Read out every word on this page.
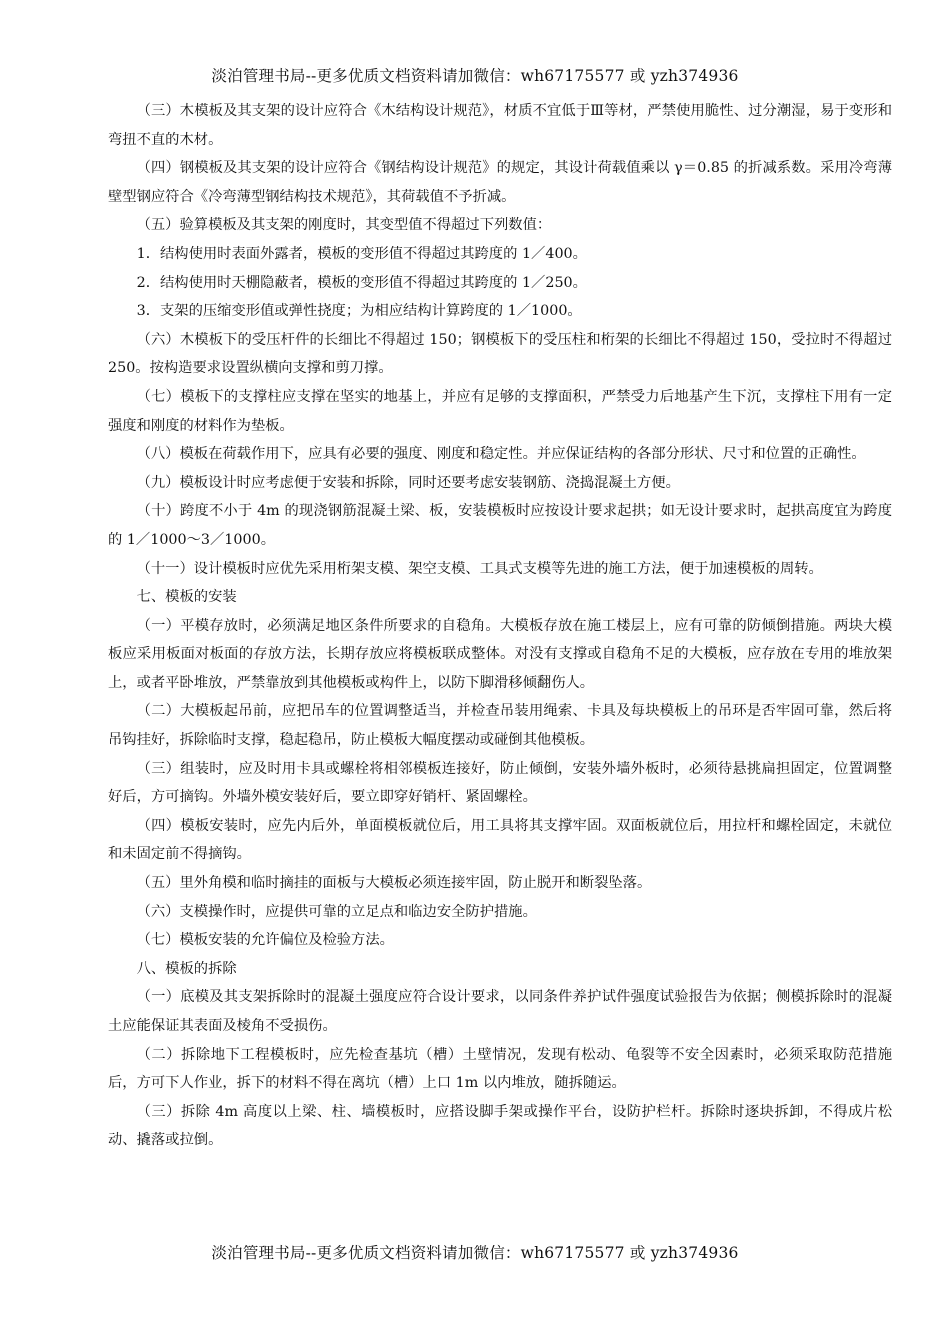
淡泊管理书局--更多优质文档资料请加微信：wh67175577 或 yzh374936

（三）木模板及其支架的设计应符合《木结构设计规范》，材质不宜低于Ⅲ等材，严禁使用脆性、过分潮湿，易于变形和弯扭不直的木材。

（四）钢模板及其支架的设计应符合《钢结构设计规范》的规定，其设计荷载值乘以 γ＝0.85 的折减系数。采用冷弯薄壁型钢应符合《冷弯薄型钢结构技术规范》，其荷载值不予折减。

（五）验算模板及其支架的刚度时，其变型值不得超过下列数值：

1．结构使用时表面外露者，模板的变形值不得超过其跨度的 1／400。

2．结构使用时天棚隐蔽者，模板的变形值不得超过其跨度的 1／250。

3．支架的压缩变形值或弹性挠度；为相应结构计算跨度的 1／1000。

（六）木模板下的受压杆件的长细比不得超过 150；钢模板下的受压柱和桁架的长细比不得超过 150，受拉时不得超过 250。按构造要求设置纵横向支撑和剪刀撑。

（七）模板下的支撑柱应支撑在坚实的地基上，并应有足够的支撑面积，严禁受力后地基产生下沉，支撑柱下用有一定强度和刚度的材料作为垫板。

（八）模板在荷载作用下，应具有必要的强度、刚度和稳定性。并应保证结构的各部分形状、尺寸和位置的正确性。

（九）模板设计时应考虑便于安装和拆除，同时还要考虑安装钢筋、浇捣混凝土方便。

（十）跨度不小于 4m 的现浇钢筋混凝土梁、板，安装模板时应按设计要求起拱；如无设计要求时，起拱高度宜为跨度的 1／1000～3／1000。

（十一）设计模板时应优先采用桁架支模、架空支模、工具式支模等先进的施工方法，便于加速模板的周转。

七、模板的安装

（一）平模存放时，必须满足地区条件所要求的自稳角。大模板存放在施工楼层上，应有可靠的防倾倒措施。两块大模板应采用板面对板面的存放方法，长期存放应将模板联成整体。对没有支撑或自稳角不足的大模板，应存放在专用的堆放架上，或者平卧堆放，严禁靠放到其他模板或构件上，以防下脚滑移倾翻伤人。

（二）大模板起吊前，应把吊车的位置调整适当，并检查吊装用绳索、卡具及每块模板上的吊环是否牢固可靠，然后将吊钩挂好，拆除临时支撑，稳起稳吊，防止模板大幅度摆动或碰倒其他模板。

（三）组装时，应及时用卡具或螺栓将相邻模板连接好，防止倾倒，安装外墙外板时，必须待悬挑扁担固定，位置调整好后，方可摘钩。外墙外模安装好后，要立即穿好销杆、紧固螺栓。

（四）模板安装时，应先内后外，单面模板就位后，用工具将其支撑牢固。双面板就位后，用拉杆和螺栓固定，未就位和未固定前不得摘钩。

（五）里外角模和临时摘挂的面板与大模板必须连接牢固，防止脱开和断裂坠落。

（六）支模操作时，应提供可靠的立足点和临边安全防护措施。

（七）模板安装的允许偏位及检验方法。

八、模板的拆除

（一）底模及其支架拆除时的混凝土强度应符合设计要求，以同条件养护试件强度试验报告为依据；侧模拆除时的混凝土应能保证其表面及棱角不受损伤。

（二）拆除地下工程模板时，应先检查基坑（槽）土壁情况，发现有松动、龟裂等不安全因素时，必须采取防范措施后，方可下人作业，拆下的材料不得在离坑（槽）上口 1m 以内堆放，随拆随运。

（三）拆除 4m 高度以上梁、柱、墙模板时，应搭设脚手架或操作平台，设防护栏杆。拆除时逐块拆卸，不得成片松动、撬落或拉倒。

淡泊管理书局--更多优质文档资料请加微信：wh67175577 或 yzh374936
